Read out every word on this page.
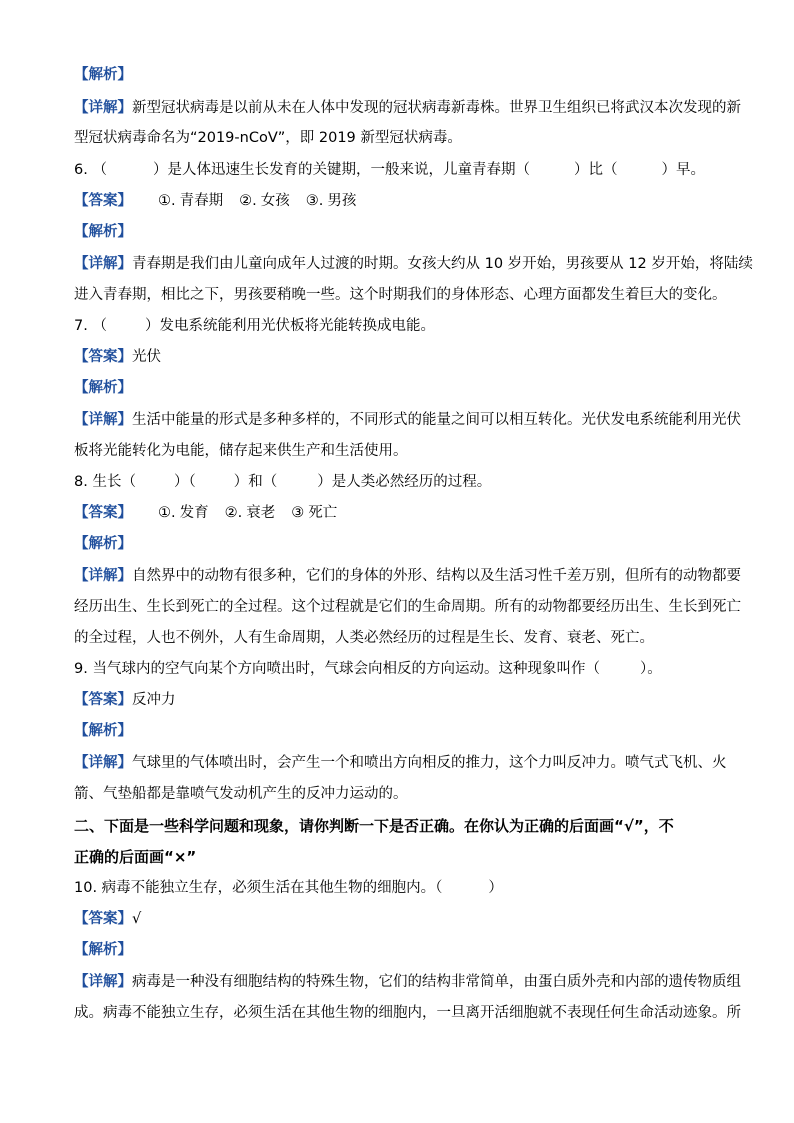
【解析】
【详解】新型冠状病毒是以前从未在人体中发现的冠状病毒新毒株。世界卫生组织已将武汉本次发现的新
型冠状病毒命名为“2019-nCoV”，即 2019 新型冠状病毒。
6. （	）是人体迅速生长发育的关键期，一般来说，儿童青春期（	）比（	）早。
【答案】 ①. 青春期 ②. 女孩 ③. 男孩
【解析】
【详解】青春期是我们由儿童向成年人过渡的时期。女孩大约从 10 岁开始，男孩要从 12 岁开始，将陆续
进入青春期，相比之下，男孩要稍晚一些。这个时期我们的身体形态、心理方面都发生着巨大的变化。
7. （	）发电系统能利用光伏板将光能转换成电能。
【答案】光伏
【解析】
【详解】生活中能量的形式是多种多样的，不同形式的能量之间可以相互转化。光伏发电系统能利用光伏
板将光能转化为电能，储存起来供生产和生活使用。
8. 生长（	）（	）和（	）是人类必然经历的过程。
【答案】 ①. 发育 ②. 衰老 ③ 死亡
【解析】
【详解】自然界中的动物有很多种，它们的身体的外形、结构以及生活习性千差万别，但所有的动物都要
经历出生、生长到死亡的全过程。这个过程就是它们的生命周期。所有的动物都要经历出生、生长到死亡
的全过程，人也不例外，人有生命周期，人类必然经历的过程是生长、发育、衰老、死亡。
9. 当气球内的空气向某个方向喷出时，气球会向相反的方向运动。这种现象叫作（	）。
【答案】反冲力
【解析】
【详解】气球里的气体喷出时，会产生一个和喷出方向相反的推力，这个力叫反冲力。喷气式飞机、火
箭、气垫船都是靠喷气发动机产生的反冲力运动的。
二、下面是一些科学问题和现象，请你判断一下是否正确。在你认为正确的后面画“√”，不
正确的后面画“×”
10. 病毒不能独立生存，必须生活在其他生物的细胞内。（	）
【答案】√
【解析】
【详解】病毒是一种没有细胞结构的特殊生物，它们的结构非常简单，由蛋白质外壳和内部的遗传物质组
成。病毒不能独立生存，必须生活在其他生物的细胞内，一旦离开活细胞就不表现任何生命活动迹象。所
